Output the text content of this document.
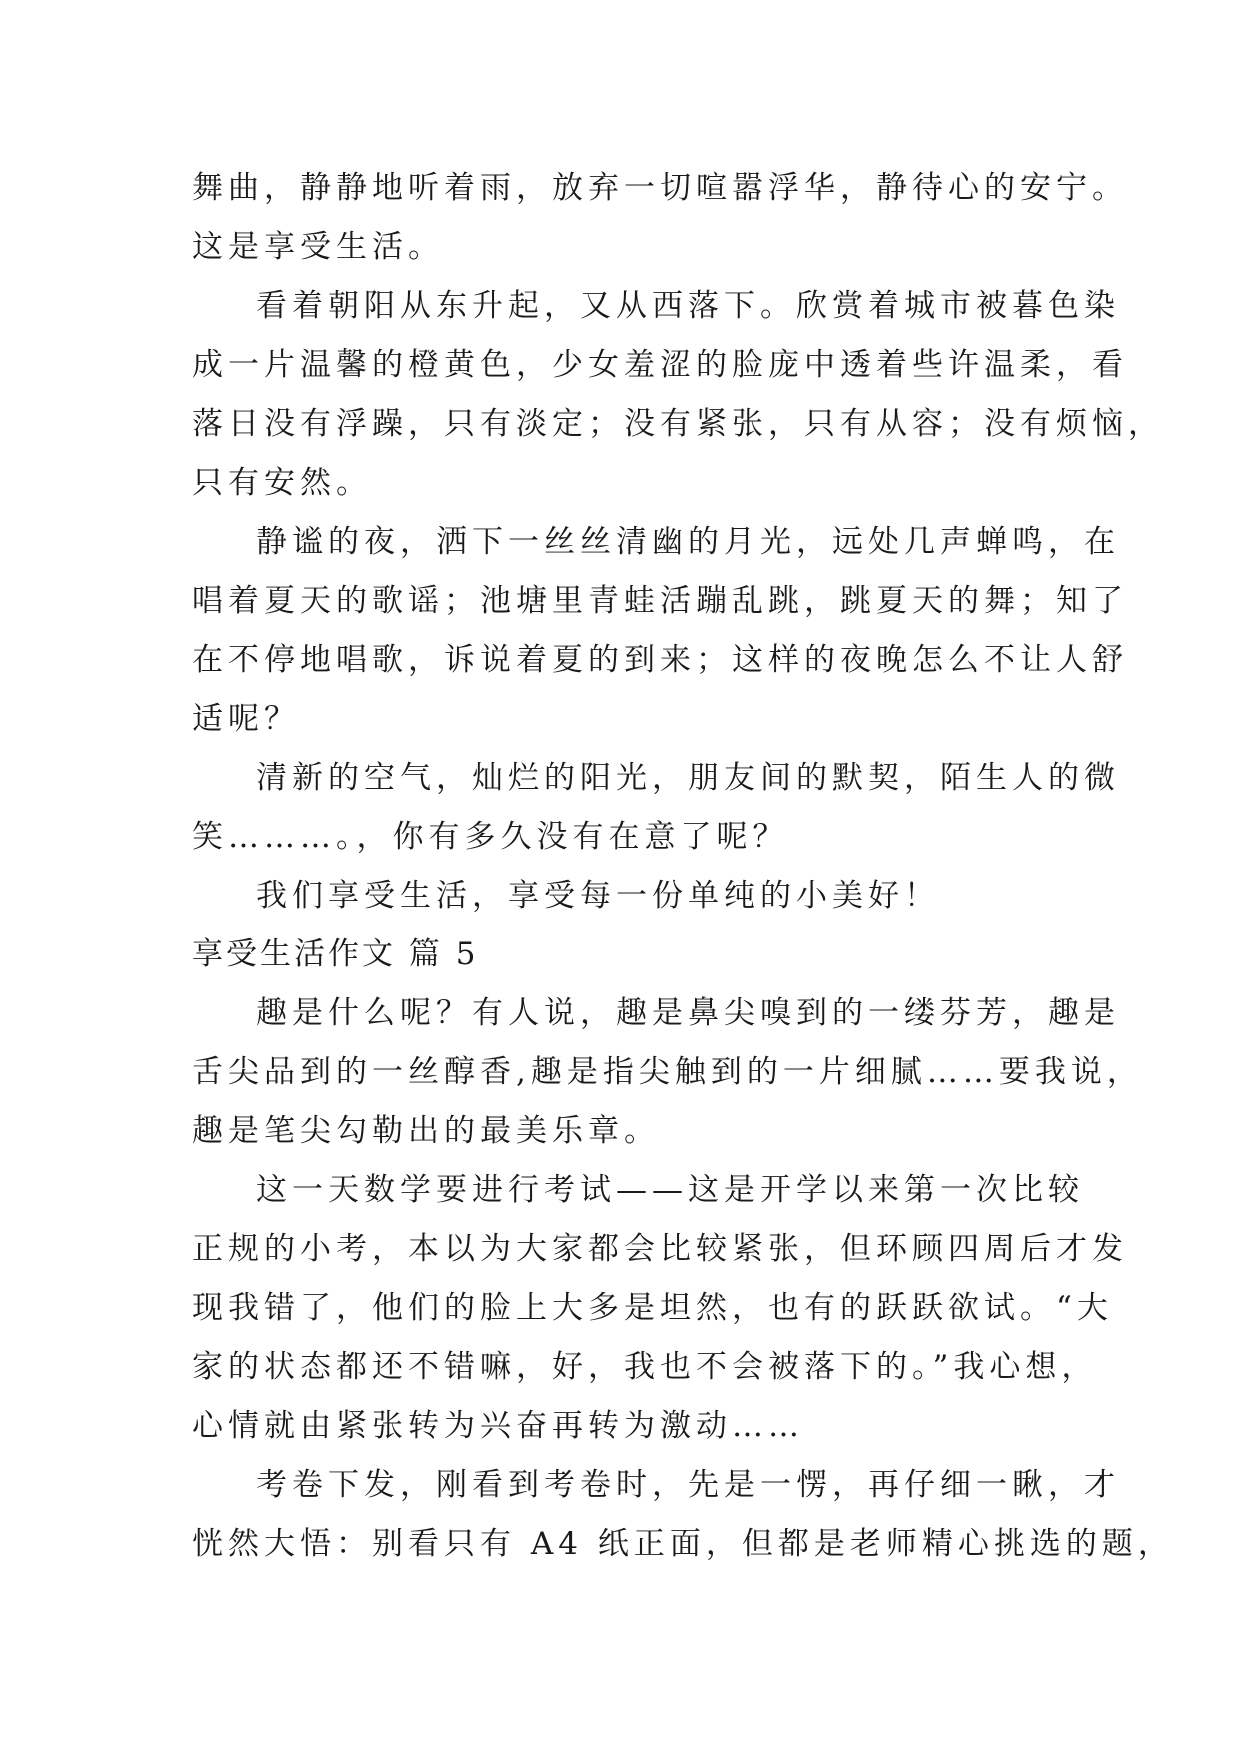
舞曲，静静地听着雨，放弃一切喧嚣浮华，静待心的安宁。
这是享受生活。
看着朝阳从东升起，又从西落下。欣赏着城市被暮色染
成一片温馨的橙黄色，少女羞涩的脸庞中透着些许温柔，看
落日没有浮躁，只有淡定；没有紧张，只有从容；没有烦恼，
只有安然。
静谧的夜，洒下一丝丝清幽的月光，远处几声蝉鸣，在
唱着夏天的歌谣；池塘里青蛙活蹦乱跳，跳夏天的舞；知了
在不停地唱歌，诉说着夏的到来；这样的夜晚怎么不让人舒
适呢？
清新的空气，灿烂的阳光，朋友间的默契，陌生人的微
笑………。，你有多久没有在意了呢？
我们享受生活，享受每一份单纯的小美好！
享受生活作文 篇 5
趣是什么呢？有人说，趣是鼻尖嗅到的一缕芬芳，趣是
舌尖品到的一丝醇香,趣是指尖触到的一片细腻……要我说，
趣是笔尖勾勒出的最美乐章。
这一天数学要进行考试——这是开学以来第一次比较
正规的小考，本以为大家都会比较紧张，但环顾四周后才发
现我错了，他们的脸上大多是坦然，也有的跃跃欲试。“大
家的状态都还不错嘛，好，我也不会被落下的。”我心想，
心情就由紧张转为兴奋再转为激动……
考卷下发，刚看到考卷时，先是一愣，再仔细一瞅，才
恍然大悟：别看只有 A4 纸正面，但都是老师精心挑选的题，
